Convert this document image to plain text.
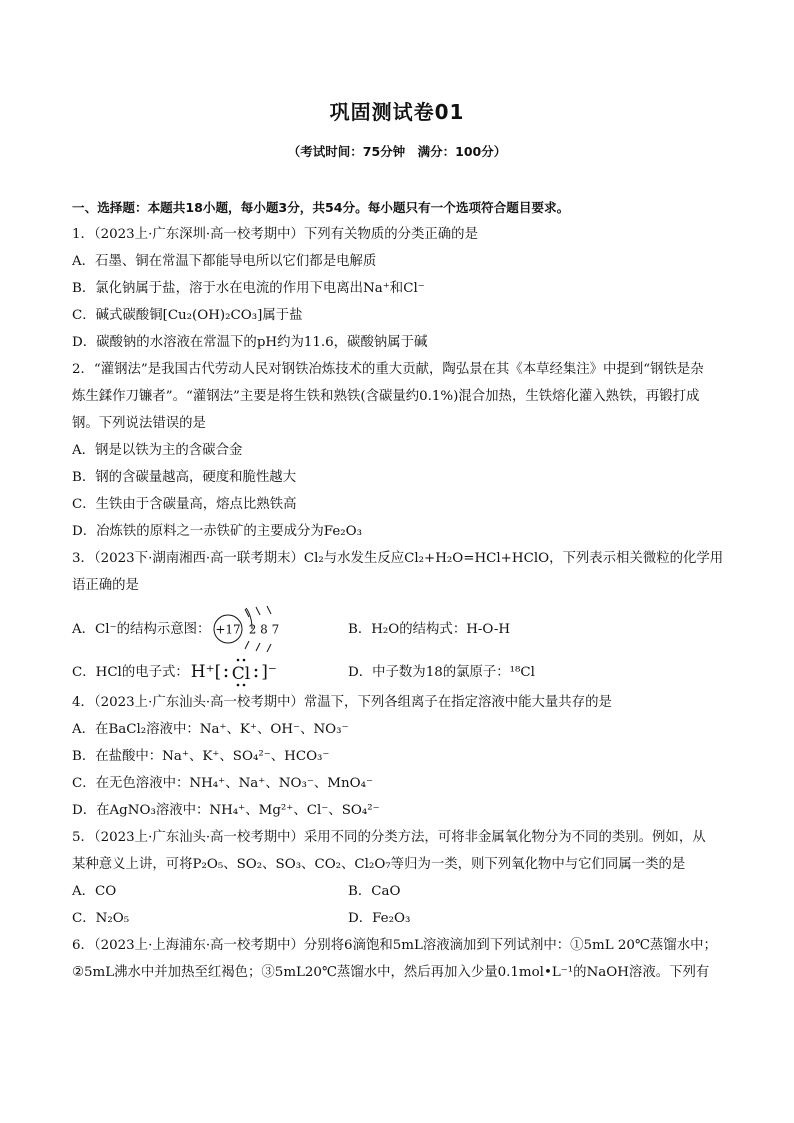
巩固测试卷01
（考试时间：75分钟　满分：100分）
一、选择题：本题共18小题，每小题3分，共54分。每小题只有一个选项符合题目要求。
1．（2023上·广东深圳·高一校考期中）下列有关物质的分类正确的是
A．石墨、铜在常温下都能导电所以它们都是电解质
B．氯化钠属于盐，溶于水在电流的作用下电离出Na⁺和Cl⁻
C．碱式碳酸铜[Cu₂(OH)₂CO₃]属于盐
D．碳酸钠的水溶液在常温下的pH约为11.6，碳酸钠属于碱
2．“灌钢法”是我国古代劳动人民对钢铁冶炼技术的重大贡献，陶弘景在其《本草经集注》中提到“钢铁是杂
炼生鍒作刀镰者”。“灌钢法”主要是将生铁和熟铁(含碳量约0.1%)混合加热，生铁熔化灌入熟铁，再锻打成
钢。下列说法错误的是
A．钢是以铁为主的含碳合金
B．钢的含碳量越高，硬度和脆性越大
C．生铁由于含碳量高，熔点比熟铁高
D．冶炼铁的原料之一赤铁矿的主要成分为Fe₂O₃
3．（2023下·湖南湘西·高一联考期末）Cl₂与水发生反应Cl₂+H₂O=HCl+HClO，下列表示相关微粒的化学用
语正确的是
A．Cl⁻的结构示意图： +17 2 8 7	B．H₂O的结构式：H-O-H
C．HCl的电子式： H⁺[ Cl ]⁻	D．中子数为18的氯原子：¹⁸Cl
4．（2023上·广东汕头·高一校考期中）常温下，下列各组离子在指定溶液中能大量共存的是
A．在BaCl₂溶液中：Na⁺、K⁺、OH⁻、NO₃⁻
B．在盐酸中：Na⁺、K⁺、SO₄²⁻、HCO₃⁻
C．在无色溶液中：NH₄⁺、Na⁺、NO₃⁻、MnO₄⁻
D．在AgNO₃溶液中：NH₄⁺、Mg²⁺、Cl⁻、SO₄²⁻
5．（2023上·广东汕头·高一校考期中）采用不同的分类方法，可将非金属氧化物分为不同的类别。例如，从
某种意义上讲，可将P₂O₅、SO₂、SO₃、CO₂、Cl₂O₇等归为一类，则下列氧化物中与它们同属一类的是
A．CO	B．CaO
C．N₂O₅	D．Fe₂O₃
6．（2023上·上海浦东·高一校考期中）分别将6滴饱和5mL溶液滴加到下列试剂中：①5mL 20℃蒸馏水中；
②5mL沸水中并加热至红褐色；③5mL20℃蒸馏水中，然后再加入少量0.1mol•L⁻¹的NaOH溶液。下列有
